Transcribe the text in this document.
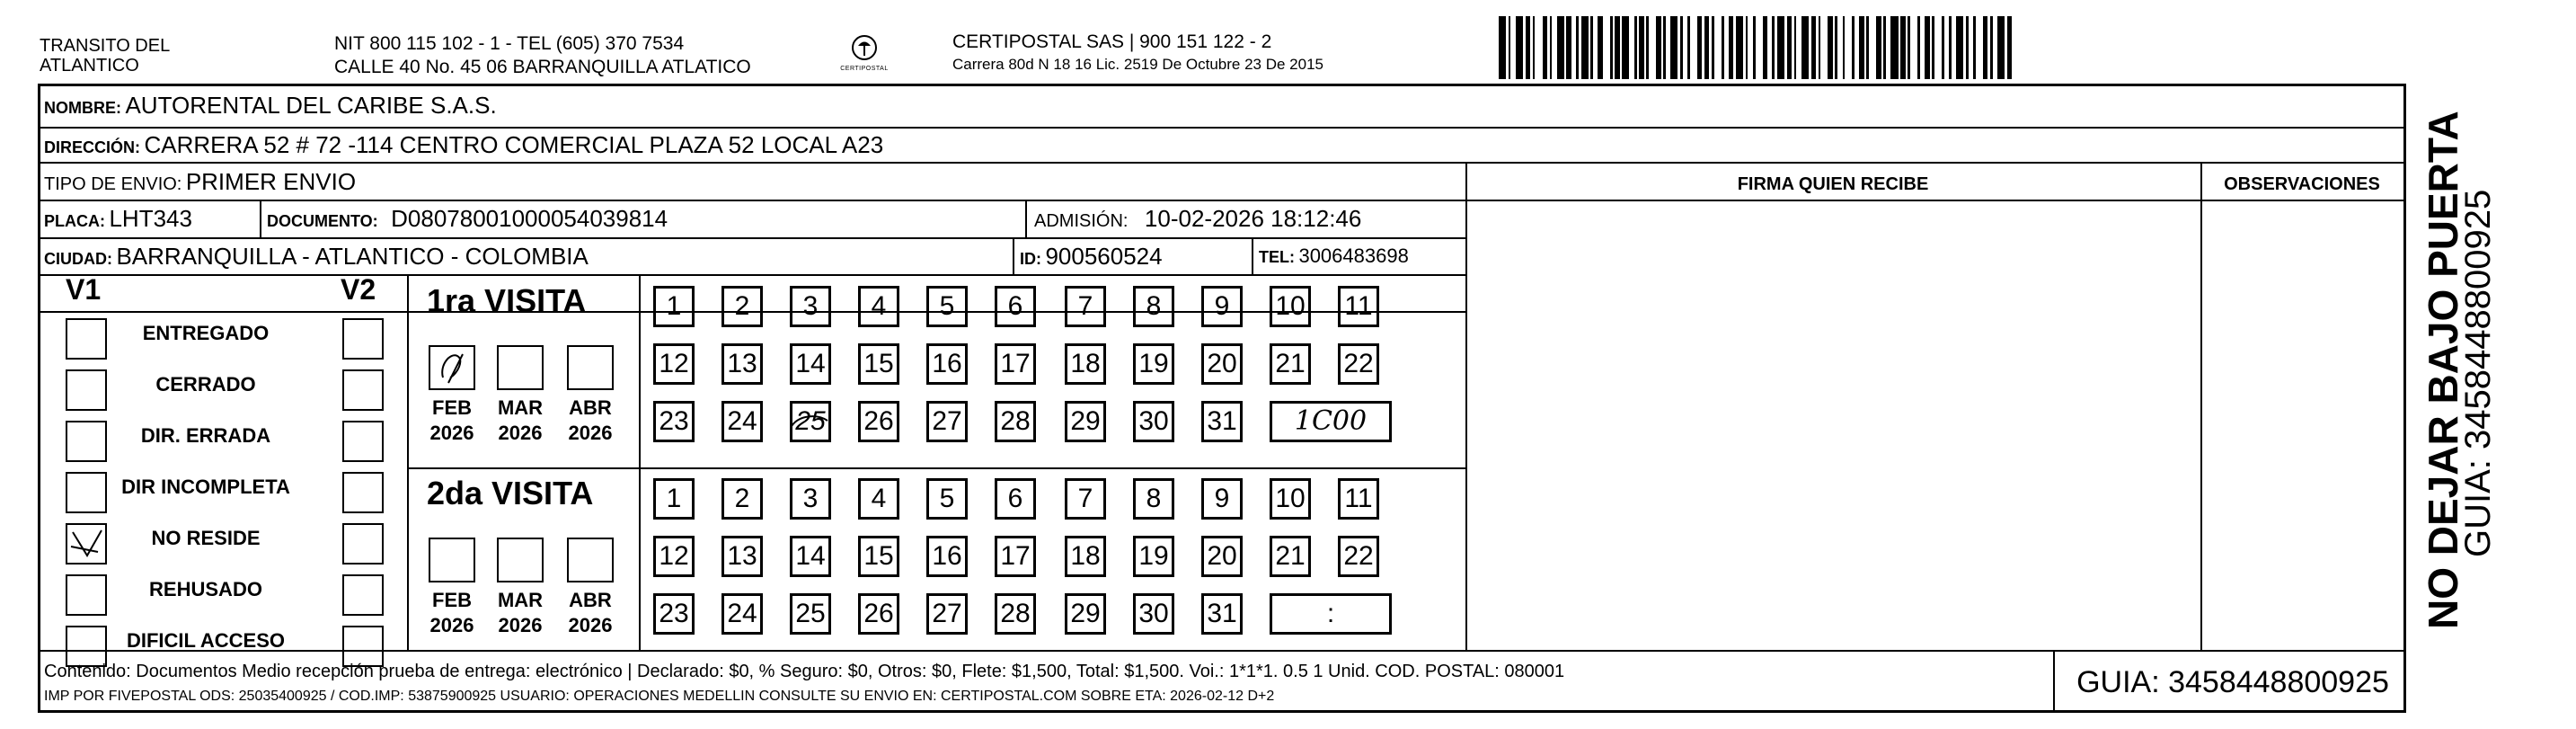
TRANSITO DEL
ATLANTICO
NIT 800 115 102 - 1 - TEL (605) 370 7534
CALLE 40 No. 45 06 BARRANQUILLA ATLATICO	CERTIPOSTAL
CERTIPOSTAL SAS | 900 151 122 - 2
Carrera 80d N 18 16 Lic. 2519 De Octubre 23 De 2015
NOMBRE: AUTORENTAL DEL CARIBE S.A.S.
DIRECCIÓN: CARRERA 52 # 72 -114 CENTRO COMERCIAL PLAZA 52 LOCAL A23
TIPO DE ENVIO: PRIMER ENVIO	FIRMA QUIEN RECIBE	OBSERVACIONES
PLACA: LHT343	DOCUMENTO: D08078001000054039814	ADMISIÓN: 10-02-2026 18:12:46
CIUDAD: BARRANQUILLA - ATLANTICO - COLOMBIA	ID: 900560524	TEL: 3006483698
V1	V2
ENTREGADO
CERRADO
DIR. ERRADA
DIR INCOMPLETA
NO RESIDE
REHUSADO
DIFICIL ACCESO
1ra VISITA
FEB
2026
MAR
2026
ABR
2026
1	2	3	4	5	6	7	8	9	10 11
12 13 14 15 16 17 18 19 20 21 22
23 24 25 26 27 28 29 30 31	1C00
2da VISITA
FEB
2026
MAR
2026
ABR
2026
1	2	3	4	5	6	7	8	9	10 11
12 13 14 15 16 17 18 19 20 21 22
23 24 25 26 27 28 29 30 31	:
Contenido: Documentos Medio recepción prueba de entrega: electrónico | Declarado: $0, % Seguro: $0, Otros: $0, Flete: $1,500, Total: $1,500. Voi.: 1*1*1. 0.5 1 Unid. COD. POSTAL: 080001
IMP POR FIVEPOSTAL ODS: 25035400925 / COD.IMP: 53875900925 USUARIO: OPERACIONES MEDELLIN CONSULTE SU ENVIO EN: CERTIPOSTAL.COM SOBRE ETA: 2026-02-12 D+2	GUIA: 3458448800925
NO DEJAR BAJO PUERTA
GUIA: 3458448800925
